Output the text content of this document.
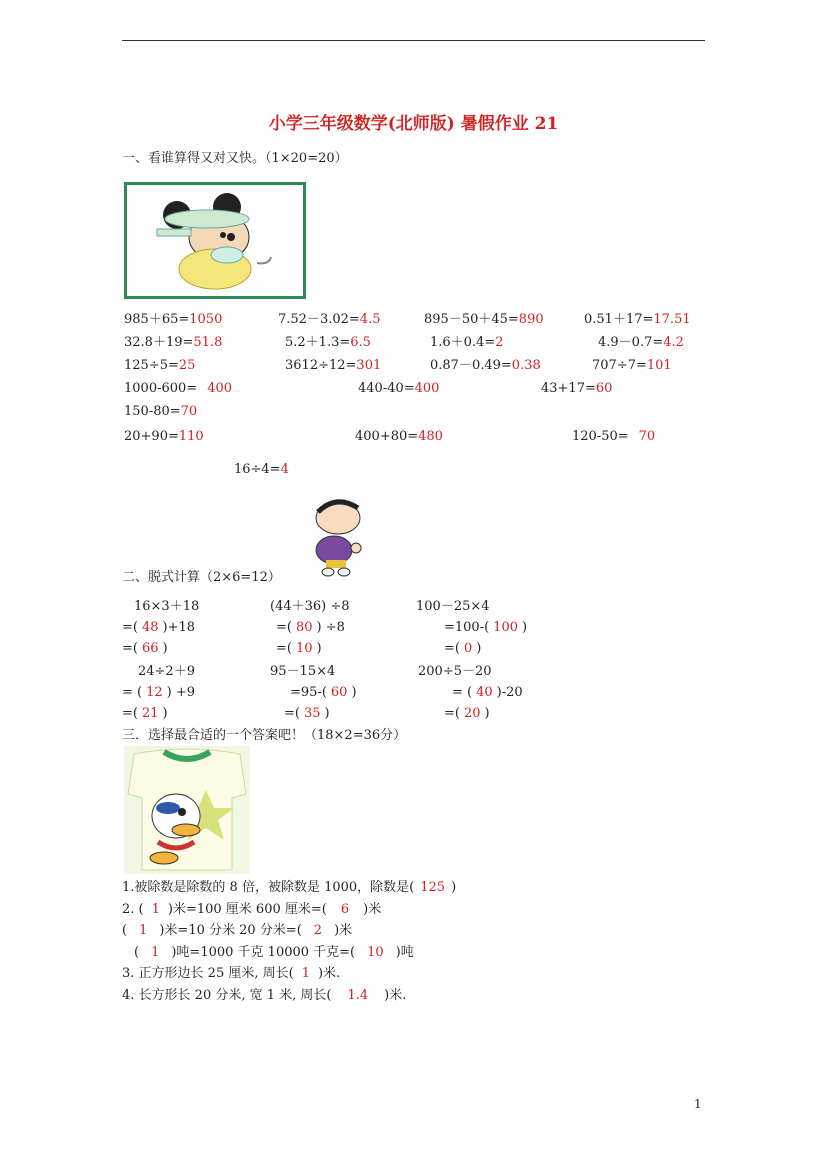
小学三年级数学(北师版) 暑假作业 21
一、看谁算得又对又快。（1×20=20）
985＋65=1050	7.52－3.02=4.5	895－50＋45=890	0.51＋17=17.51
32.8＋19=51.8	5.2＋1.3=6.5	1.6＋0.4=2	4.9－0.7=4.2
125÷5=25	3612÷12=301	0.87－0.49=0.38	707÷7=101
1000-600= 400	440-40=400	43+17=60
150-80=70
20+90=110	400+80=480	120-50= 70
16÷4=4
二、脱式计算（2×6=12）
16×3＋18
=( 48 )+18
=( 66 )
(44＋36) ÷8
=( 80 ) ÷8
=( 10 )
100－25×4
=100-( 100 )
=( 0 )
24÷2＋9
= ( 12 ) +9
=( 21 )
95－15×4
=95-( 60 )
=( 35 )
200÷5－20
= ( 40 )-20
=( 20 )
三．选择最合适的一个答案吧！（18×2=36分）
1.被除数是除数的 8 倍，被除数是 1000，除数是( 125 )
2. ( 1 )米=100 厘米 600 厘米=( 6 )米
( 1 )米=10 分米 20 分米=( 2 )米
( 1 )吨=1000 千克 10000 千克=( 10 )吨
3. 正方形边长 25 厘米, 周长( 1 )米.
4. 长方形长 20 分米, 宽 1 米, 周长( 1.4 )米.
1
